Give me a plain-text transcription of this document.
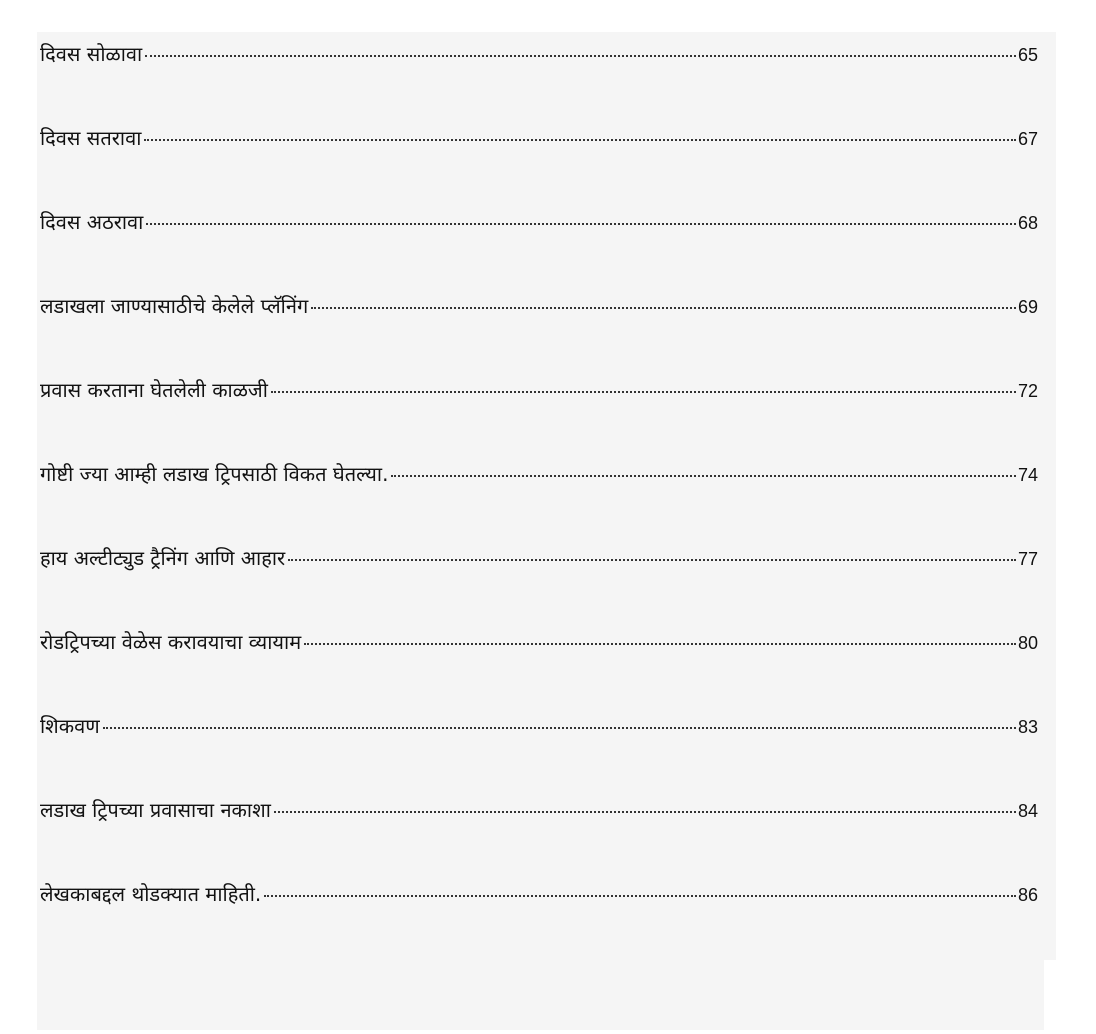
दिवस सोळावा	65
दिवस सतरावा	67
दिवस अठरावा	68
लडाखला जाण्यासाठीचे केलेले प्लॅनिंग	69
प्रवास करताना घेतलेली काळजी	72
गोष्टी ज्या आम्ही लडाख ट्रिपसाठी विकत घेतल्या.	74
हाय अल्टीट्युड ट्रैनिंग आणि आहार	77
रोडट्रिपच्या वेळेस करावयाचा व्यायाम	80
शिकवण	83
लडाख ट्रिपच्या प्रवासाचा नकाशा	84
लेखकाबद्दल थोडक्यात माहिती.	86
